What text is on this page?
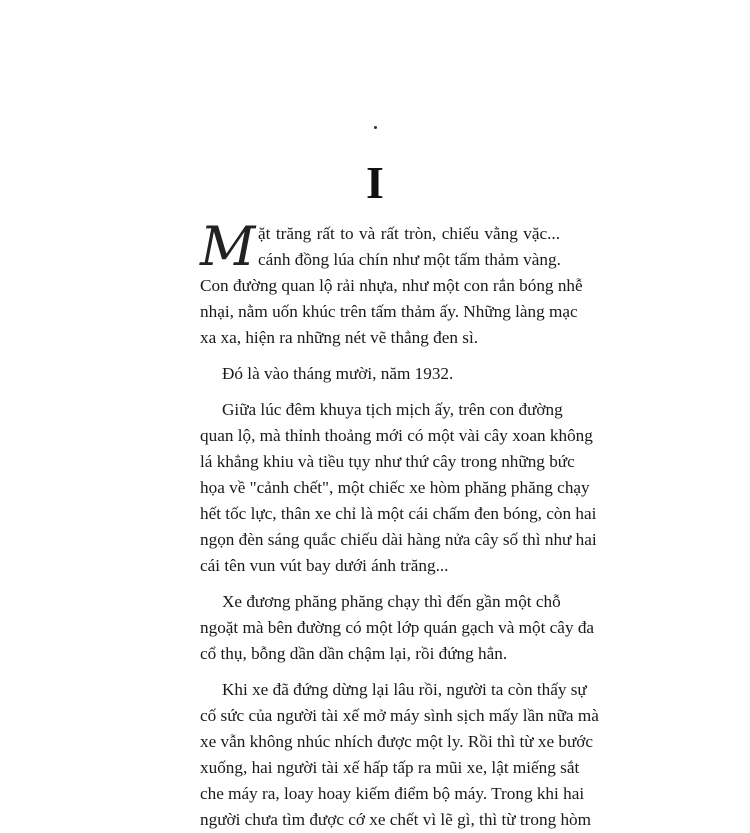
I
M ặt trăng rất to và rất tròn, chiếu vằng vặc...
cánh đồng lúa chín như một tấm thảm vàng.
Con đường quan lộ rải nhựa, như một con rắn bóng nhễ
nhại, nằm uốn khúc trên tấm thảm ấy. Những làng mạc
xa xa, hiện ra những nét vẽ thẳng đen sì.
Đó là vào tháng mười, năm 1932.
Giữa lúc đêm khuya tịch mịch ấy, trên con đường
quan lộ, mà thỉnh thoảng mới có một vài cây xoan không
lá khẳng khiu và tiều tụy như thứ cây trong những bức
họa về "cảnh chết", một chiếc xe hòm phăng phăng chạy
hết tốc lực, thân xe chỉ là một cái chấm đen bóng, còn hai
ngọn đèn sáng quắc chiếu dài hàng nửa cây số thì như hai
cái tên vun vút bay dưới ánh trăng...
Xe đương phăng phăng chạy thì đến gần một chỗ
ngoặt mà bên đường có một lớp quán gạch và một cây đa
cổ thụ, bỗng dần dần chậm lại, rồi đứng hẳn.
Khi xe đã đứng dừng lại lâu rồi, người ta còn thấy sự
cố sức của người tài xế mở máy sình sịch mấy lần nữa mà
xe vẫn không nhúc nhích được một ly. Rồi thì từ xe bước
xuống, hai người tài xế hấp tấp ra mũi xe, lật miếng sắt
che máy ra, loay hoay kiếm điểm bộ máy. Trong khi hai
người chưa tìm được cớ xe chết vì lẽ gì, thì từ trong hòm
